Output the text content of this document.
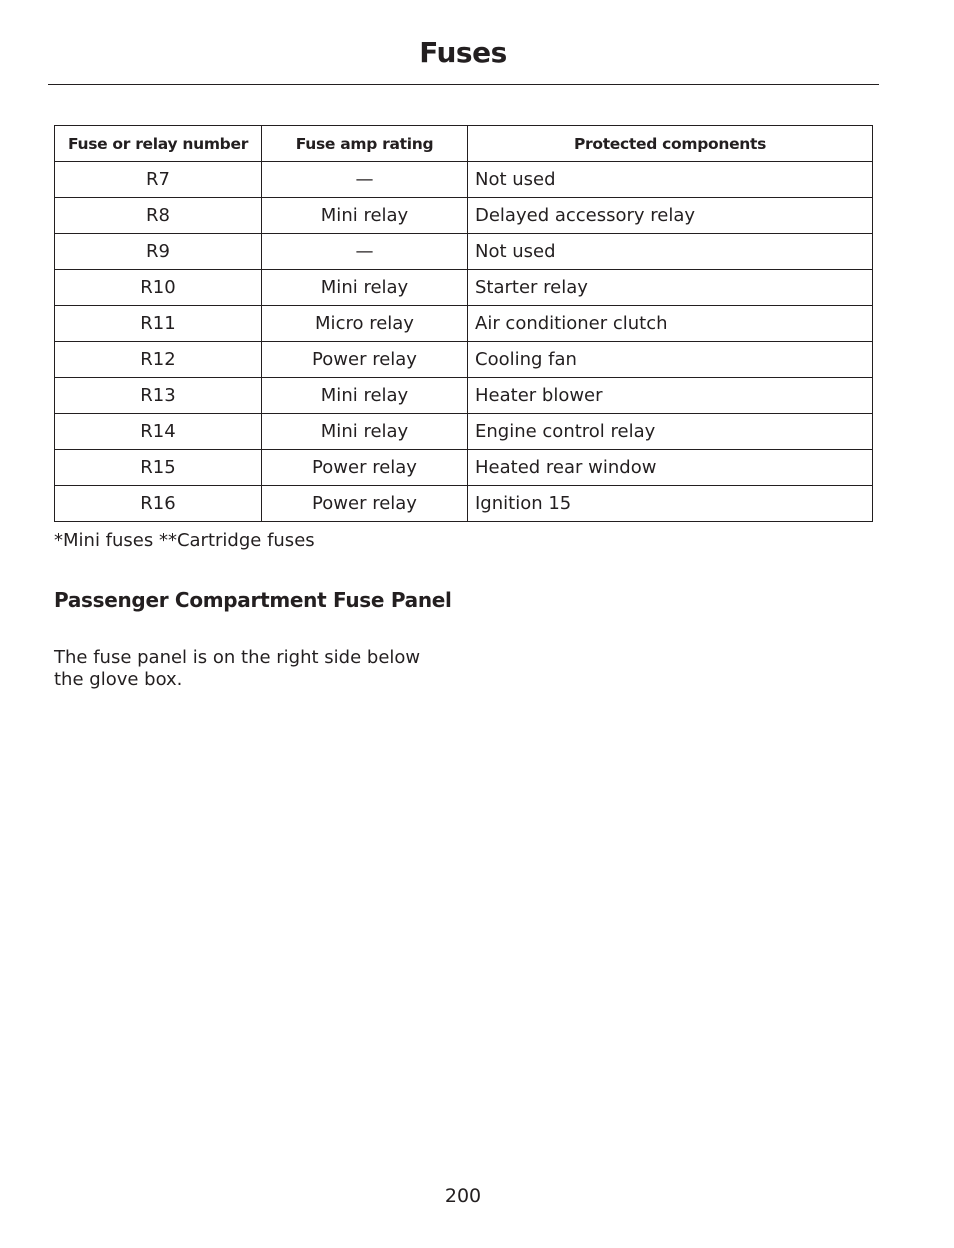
Fuses
Fuse or relay number	Fuse amp rating	Protected components
R7	—	Not used
R8	Mini relay	Delayed accessory relay
R9	—	Not used
R10	Mini relay	Starter relay
R11	Micro relay	Air conditioner clutch
R12	Power relay	Cooling fan
R13	Mini relay	Heater blower
R14	Mini relay	Engine control relay
R15	Power relay	Heated rear window
R16	Power relay	Ignition 15
*Mini fuses **Cartridge fuses
Passenger Compartment Fuse Panel
The fuse panel is on the right side below the glove box.
200
